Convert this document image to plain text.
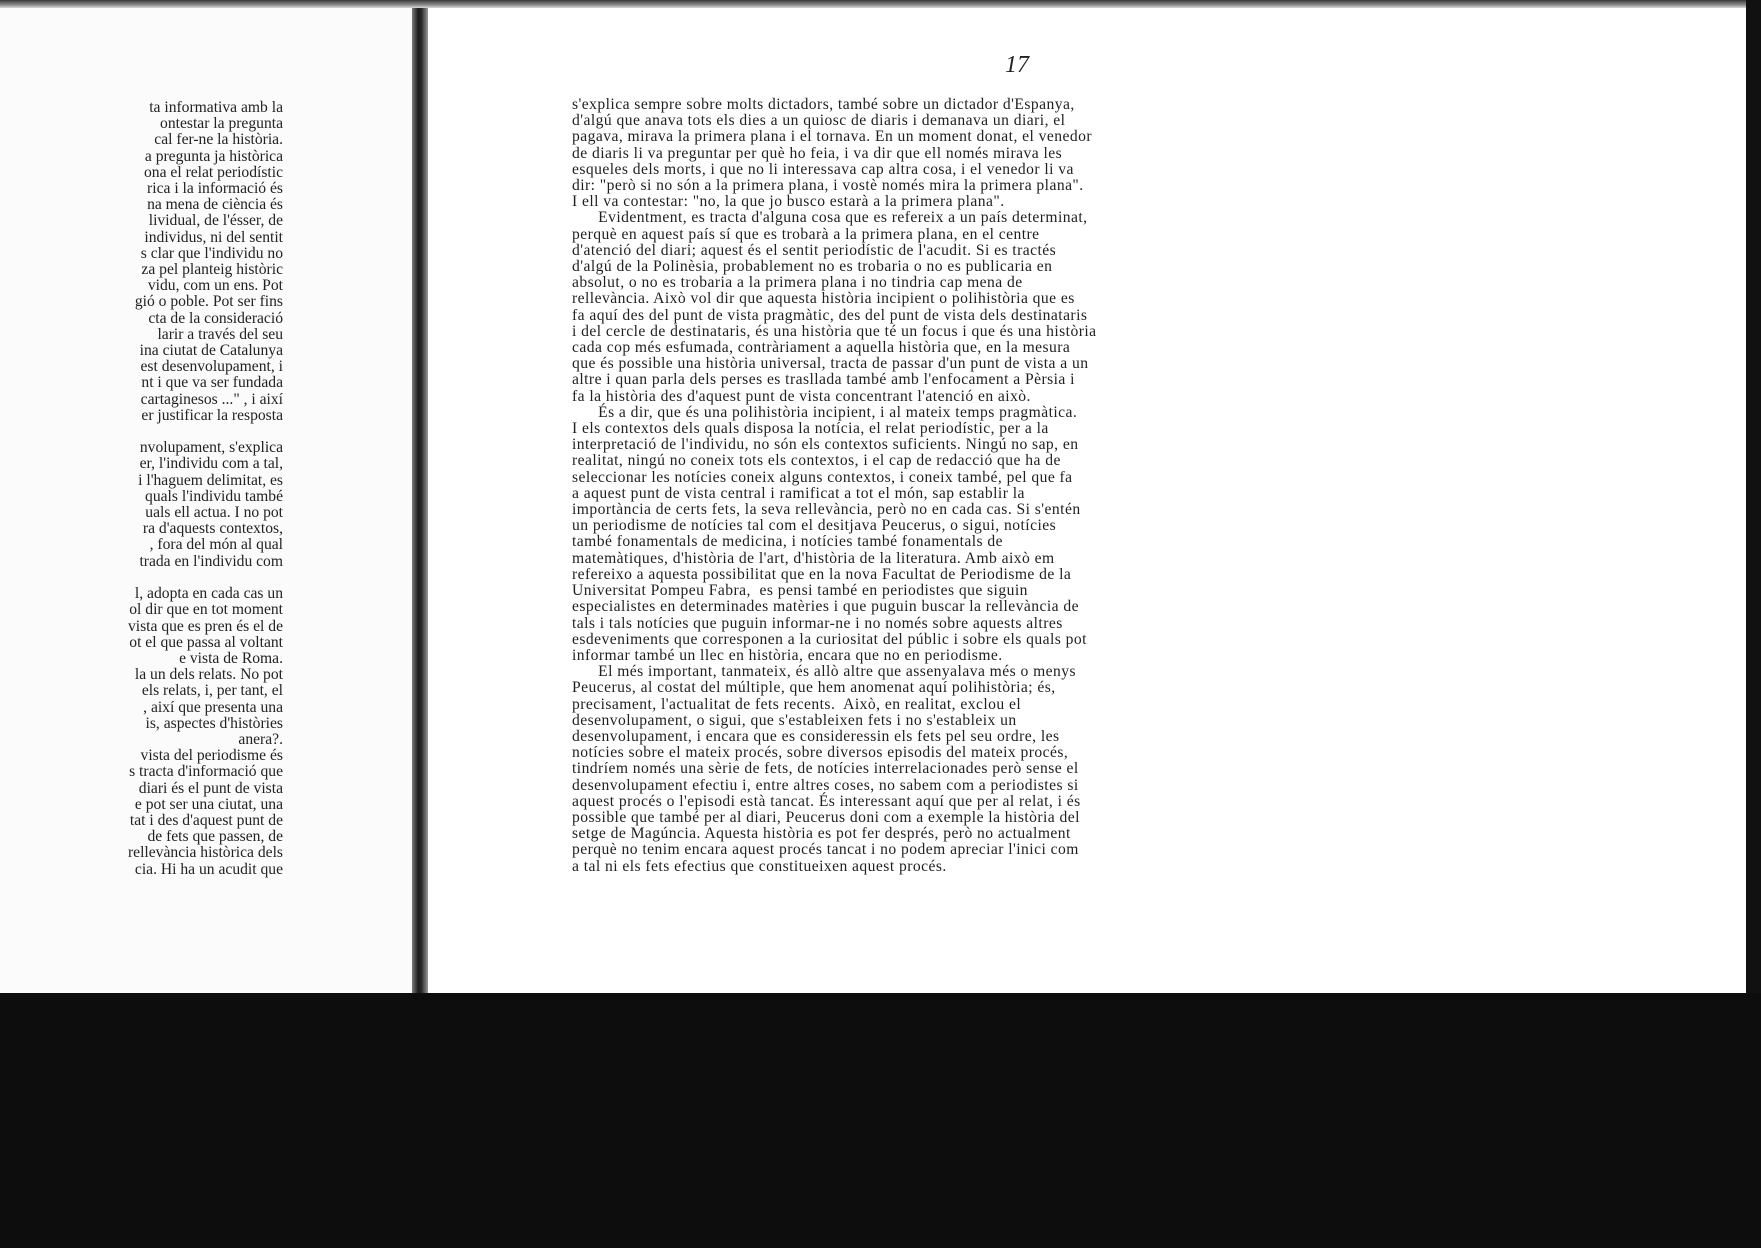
ta informativa amb la
ontestar la pregunta
cal fer-ne la història.
a pregunta ja històrica
ona el relat periodístic
rica i la informació és
na mena de ciència és
lividual, de l'ésser, de
individus, ni del sentit
s clar que l'individu no
za pel planteig històric
vidu, com un ens. Pot
gió o poble. Pot ser fins
cta de la consideració
larir a través del seu
ina ciutat de Catalunya
est desenvolupament, i
nt i que va ser fundada
cartaginesos ..." , i així
er justificar la resposta

nvolupament, s'explica
er, l'individu com a tal,
i l'haguem delimitat, es
quals l'individu també
uals ell actua. I no pot
ra d'aquests contextos,
, fora del món al qual
trada en l'individu com

l, adopta en cada cas un
ol dir que en tot moment
vista que es pren és el de
ot el que passa al voltant
e vista de Roma.
la un dels relats. No pot
els relats, i, per tant, el
, així que presenta una
is, aspectes d'històries
anera?.
vista del periodisme és
s tracta d'informació que
diari és el punt de vista
e pot ser una ciutat, una
tat i des d'aquest punt de
de fets que passen, de
rellevància històrica dels
cia. Hi ha un acudit que
17
s'explica sempre sobre molts dictadors, també sobre un dictador d'Espanya,
d'algú que anava tots els dies a un quiosc de diaris i demanava un diari, el
pagava, mirava la primera plana i el tornava. En un moment donat, el venedor
de diaris li va preguntar per què ho feia, i va dir que ell només mirava les
esqueles dels morts, i que no li interessava cap altra cosa, i el venedor li va
dir: "però si no són a la primera plana, i vostè només mira la primera plana".
I ell va contestar: "no, la que jo busco estarà a la primera plana".
Evidentment, es tracta d'alguna cosa que es refereix a un país determinat,
perquè en aquest país sí que es trobarà a la primera plana, en el centre
d'atenció del diari; aquest és el sentit periodístic de l'acudit. Si es tractés
d'algú de la Polinèsia, probablement no es trobaria o no es publicaria en
absolut, o no es trobaria a la primera plana i no tindria cap mena de
rellevància. Això vol dir que aquesta història incipient o polihistòria que es
fa aquí des del punt de vista pragmàtic, des del punt de vista dels destinataris
i del cercle de destinataris, és una història que té un focus i que és una història
cada cop més esfumada, contràriament a aquella història que, en la mesura
que és possible una història universal, tracta de passar d'un punt de vista a un
altre i quan parla dels perses es trasllada també amb l'enfocament a Pèrsia i
fa la història des d'aquest punt de vista concentrant l'atenció en això.
És a dir, que és una polihistòria incipient, i al mateix temps pragmàtica.
I els contextos dels quals disposa la notícia, el relat periodístic, per a la
interpretació de l'individu, no són els contextos suficients. Ningú no sap, en
realitat, ningú no coneix tots els contextos, i el cap de redacció que ha de
seleccionar les notícies coneix alguns contextos, i coneix també, pel que fa
a aquest punt de vista central i ramificat a tot el món, sap establir la
importància de certs fets, la seva rellevància, però no en cada cas. Si s'entén
un periodisme de notícies tal com el desitjava Peucerus, o sigui, notícies
també fonamentals de medicina, i notícies també fonamentals de
matemàtiques, d'història de l'art, d'història de la literatura. Amb això em
refereixo a aquesta possibilitat que en la nova Facultat de Periodisme de la
Universitat Pompeu Fabra,  es pensi també en periodistes que siguin
especialistes en determinades matèries i que puguin buscar la rellevància de
tals i tals notícies que puguin informar-ne i no només sobre aquests altres
esdeveniments que corresponen a la curiositat del públic i sobre els quals pot
informar també un llec en història, encara que no en periodisme.
El més important, tanmateix, és allò altre que assenyalava més o menys
Peucerus, al costat del múltiple, que hem anomenat aquí polihistòria; és,
precisament, l'actualitat de fets recents.  Això, en realitat, exclou el
desenvolupament, o sigui, que s'estableixen fets i no s'estableix un
desenvolupament, i encara que es consideressin els fets pel seu ordre, les
notícies sobre el mateix procés, sobre diversos episodis del mateix procés,
tindríem només una sèrie de fets, de notícies interrelacionades però sense el
desenvolupament efectiu i, entre altres coses, no sabem com a periodistes si
aquest procés o l'episodi està tancat. És interessant aquí que per al relat, i és
possible que també per al diari, Peucerus doni com a exemple la història del
setge de Magúncia. Aquesta història es pot fer després, però no actualment
perquè no tenim encara aquest procés tancat i no podem apreciar l'inici com
a tal ni els fets efectius que constitueixen aquest procés.
